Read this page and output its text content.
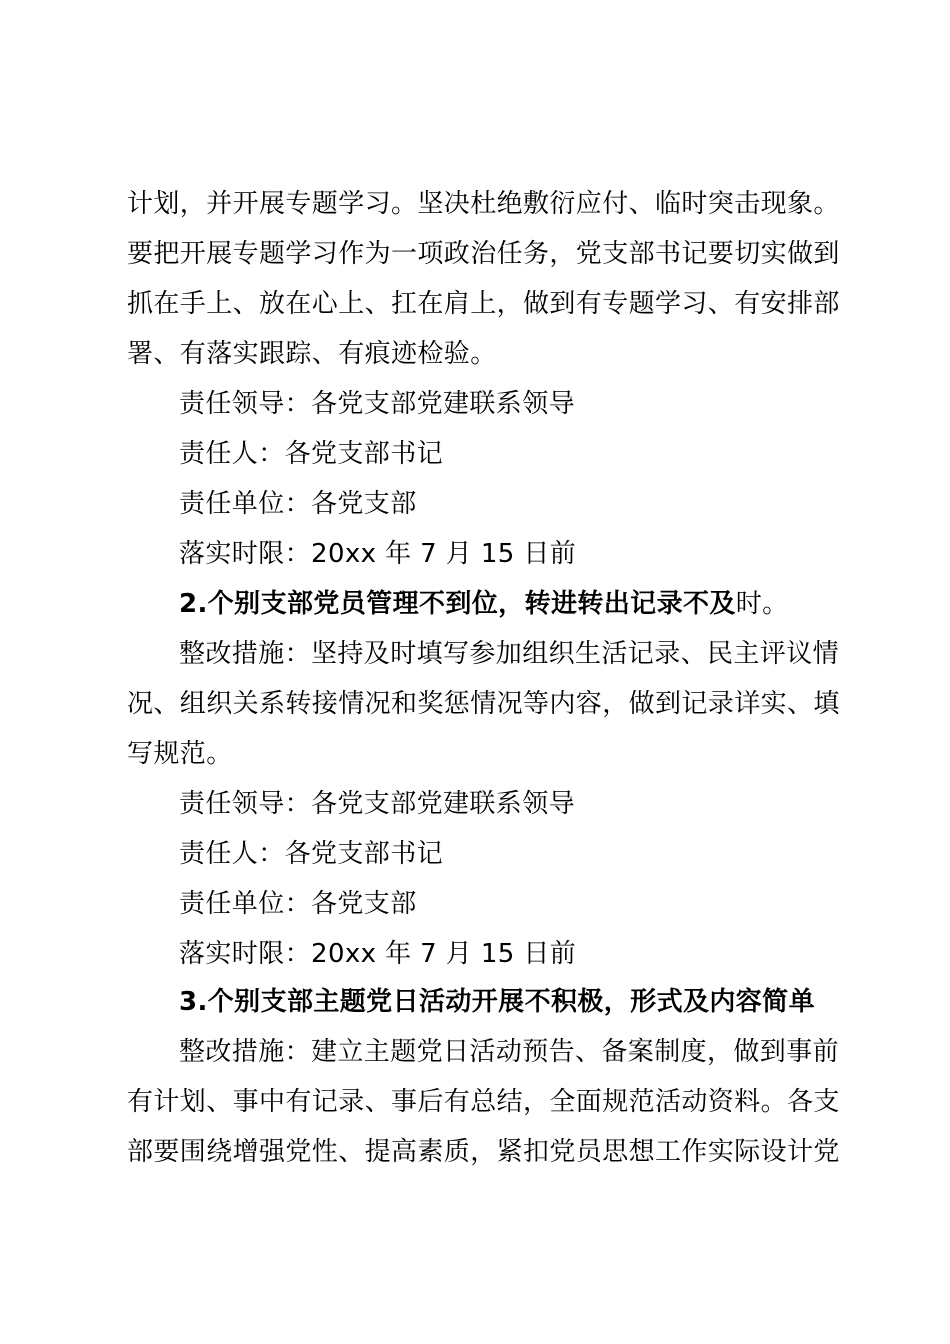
计划，并开展专题学习。坚决杜绝敷衍应付、临时突击现象。
要把开展专题学习作为一项政治任务，党支部书记要切实做到
抓在手上、放在心上、扛在肩上，做到有专题学习、有安排部
署、有落实跟踪、有痕迹检验。
责任领导：各党支部党建联系领导
责任人：各党支部书记
责任单位：各党支部
落实时限：20xx 年 7 月 15 日前
2.个别支部党员管理不到位，转进转出记录不及时。
整改措施：坚持及时填写参加组织生活记录、民主评议情
况、组织关系转接情况和奖惩情况等内容，做到记录详实、填
写规范。
责任领导：各党支部党建联系领导
责任人：各党支部书记
责任单位：各党支部
落实时限：20xx 年 7 月 15 日前
3.个别支部主题党日活动开展不积极，形式及内容简单
整改措施：建立主题党日活动预告、备案制度，做到事前
有计划、事中有记录、事后有总结，全面规范活动资料。各支
部要围绕增强党性、提高素质，紧扣党员思想工作实际设计党
